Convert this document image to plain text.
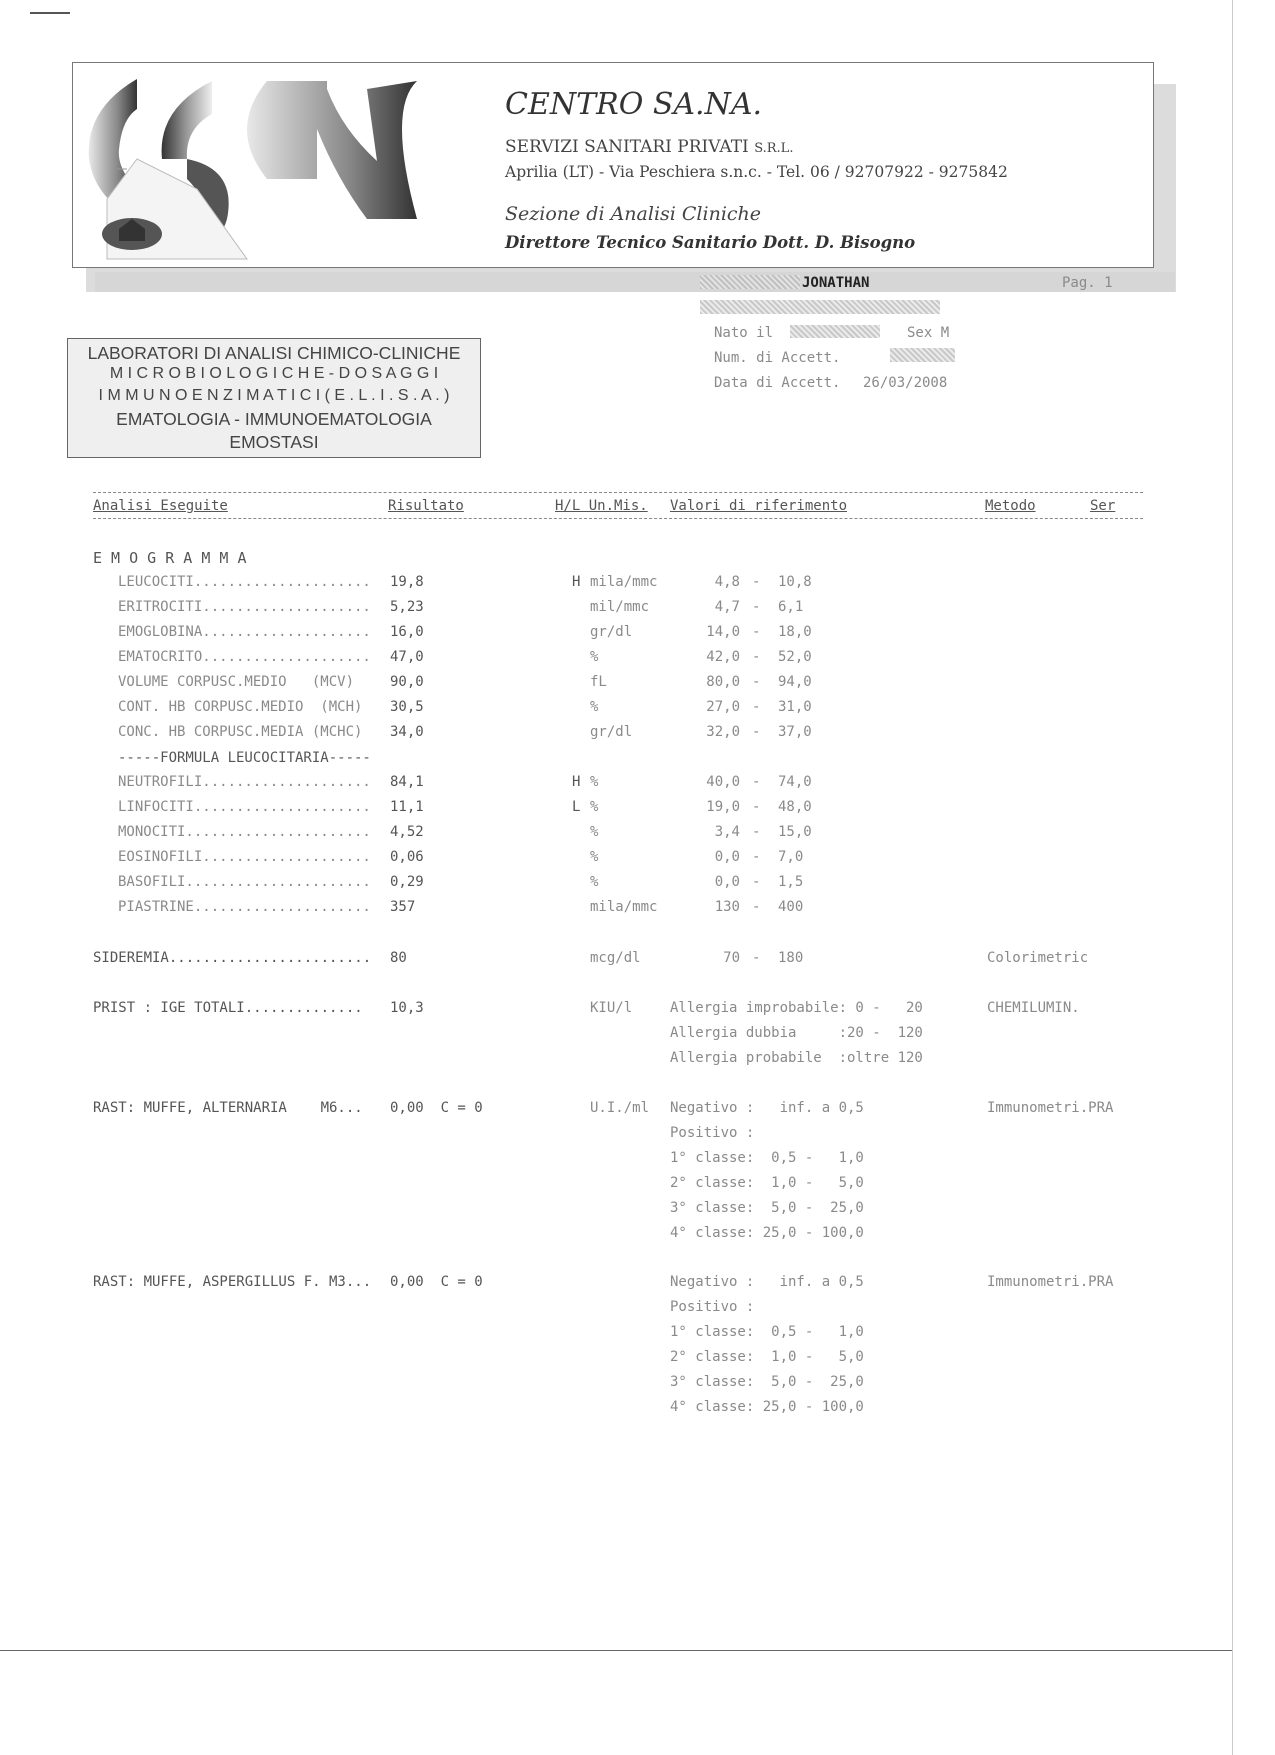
CENTRO SA.NA.
SERVIZI SANITARI PRIVATI S.R.L.
Aprilia (LT) - Via Peschiera s.n.c. - Tel. 06 / 92707922 - 9275842
Sezione di Analisi Cliniche
Direttore Tecnico Sanitario Dott. D. Bisogno
JONATHAN	Pag. 1
Nato il	Sex M
Num. di Accett.
Data di Accett. 26/03/2008
LABORATORI DI ANALISI CHIMICO-CLINICHE
M I C R O B I O L O G I C H E - D O S A G G I
I M M U N O E N Z I M A T I C I ( E . L . I . S . A . )
EMATOLOGIA - IMMUNOEMATOLOGIA
EMOSTASI
Analisi Eseguite	Risultato	H/L Un.Mis. Valori di riferimento	Metodo	Ser
E M O G R A M M A
LEUCOCITI..................... 19,8	H mila/mmc	4,8 - 10,8
ERITROCITI.................... 5,23	mil/mmc	4,7 - 6,1
EMOGLOBINA.................... 16,0	gr/dl	14,0 - 18,0
EMATOCRITO.................... 47,0	%	42,0 - 52,0
VOLUME CORPUSC.MEDIO   (MCV)	90,0	fL	80,0 - 94,0
CONT. HB CORPUSC.MEDIO  (MCH) 30,5	%	27,0 - 31,0
CONC. HB CORPUSC.MEDIA (MCHC) 34,0	gr/dl	32,0 - 37,0
-----FORMULA LEUCOCITARIA-----
NEUTROFILI.................... 84,1	H %	40,0 - 74,0
LINFOCITI..................... 11,1	L %	19,0 - 48,0
MONOCITI...................... 4,52	%	3,4 - 15,0
EOSINOFILI.................... 0,06	%	0,0 - 7,0
BASOFILI...................... 0,29	%	0,0 - 1,5
PIASTRINE..................... 357	mila/mmc	130 - 400
SIDEREMIA........................ 80	mcg/dl	70 - 180	Colorimetric
PRIST : IGE TOTALI.............. 10,3	KIU/l	Allergia improbabile: 0 -   20	CHEMILUMIN.
Allergia dubbia     :20 -  120
Allergia probabile  :oltre 120
RAST: MUFFE, ALTERNARIA    M6... 0,00  C = 0	U.I./ml Negativo :   inf. a 0,5	Immunometri.PRA
Positivo :
1° classe:  0,5 -   1,0
2° classe:  1,0 -   5,0
3° classe:  5,0 -  25,0
4° classe: 25,0 - 100,0
RAST: MUFFE, ASPERGILLUS F. M3... 0,00  C = 0	Negativo :   inf. a 0,5	Immunometri.PRA
Positivo :
1° classe:  0,5 -   1,0
2° classe:  1,0 -   5,0
3° classe:  5,0 -  25,0
4° classe: 25,0 - 100,0
